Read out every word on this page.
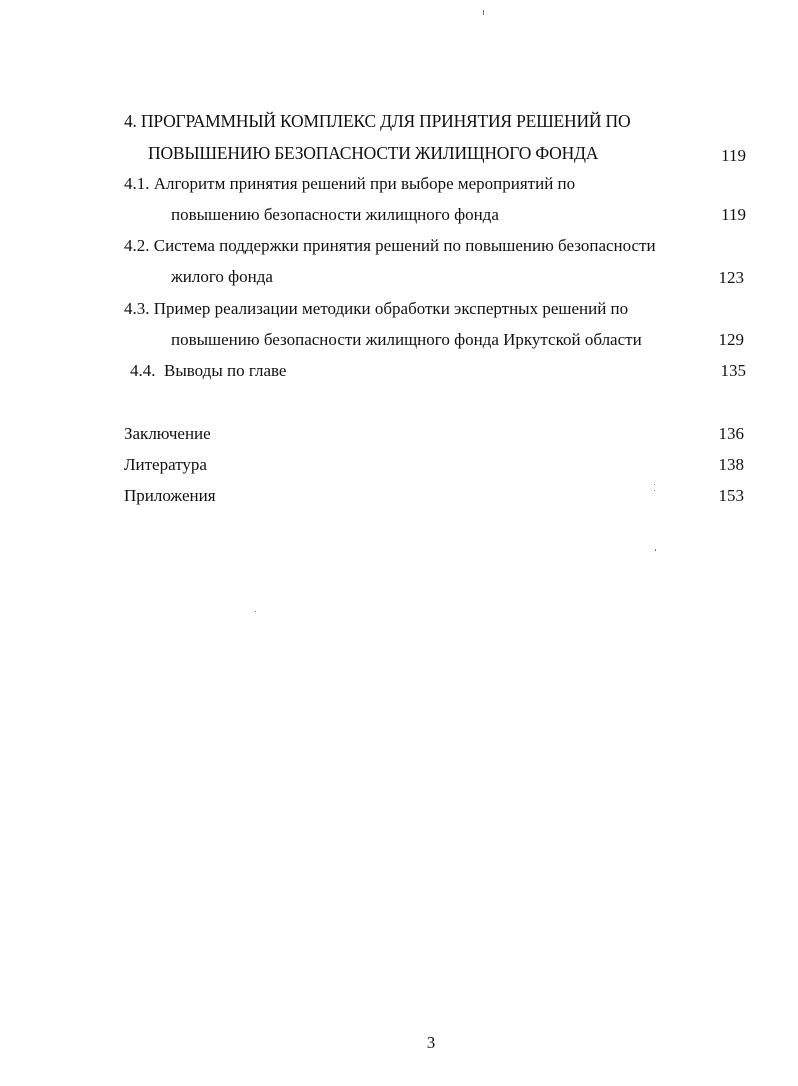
4. ПРОГРАММНЫЙ КОМПЛЕКС ДЛЯ ПРИНЯТИЯ РЕШЕНИЙ ПО
ПОВЫШЕНИЮ БЕЗОПАСНОСТИ ЖИЛИЩНОГО ФОНДА	119
4.1. Алгоритм принятия решений при выборе мероприятий по
повышению безопасности жилищного фонда	119
4.2. Система поддержки принятия решений по повышению безопасности
жилого фонда	123
4.3. Пример реализации методики обработки экспертных решений по
повышению безопасности жилищного фонда Иркутской области	129
4.4.  Выводы по главе	135
Заключение	136
Литература	138
Приложения	153
3
